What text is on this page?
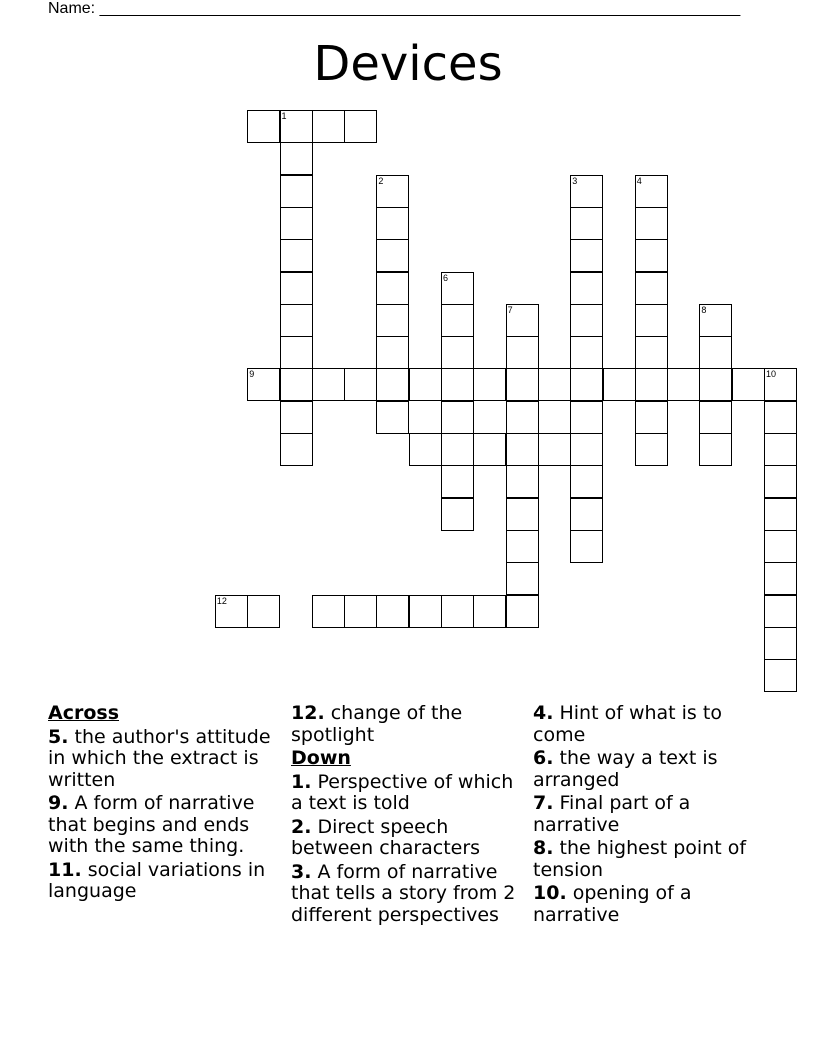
Name: ________________________________________________________________________
Devices
1
2	3	4
6
7	8
9	10
12
Across
5. the author's attitude in which the extract is written
9. A form of narrative that begins and ends with the same thing.
11. social variations in language
12. change of the spotlight
Down
1. Perspective of which a text is told
2. Direct speech between characters
3. A form of narrative that tells a story from 2 different perspectives
4. Hint of what is to come
6. the way a text is arranged
7. Final part of a narrative
8. the highest point of tension
10. opening of a narrative
